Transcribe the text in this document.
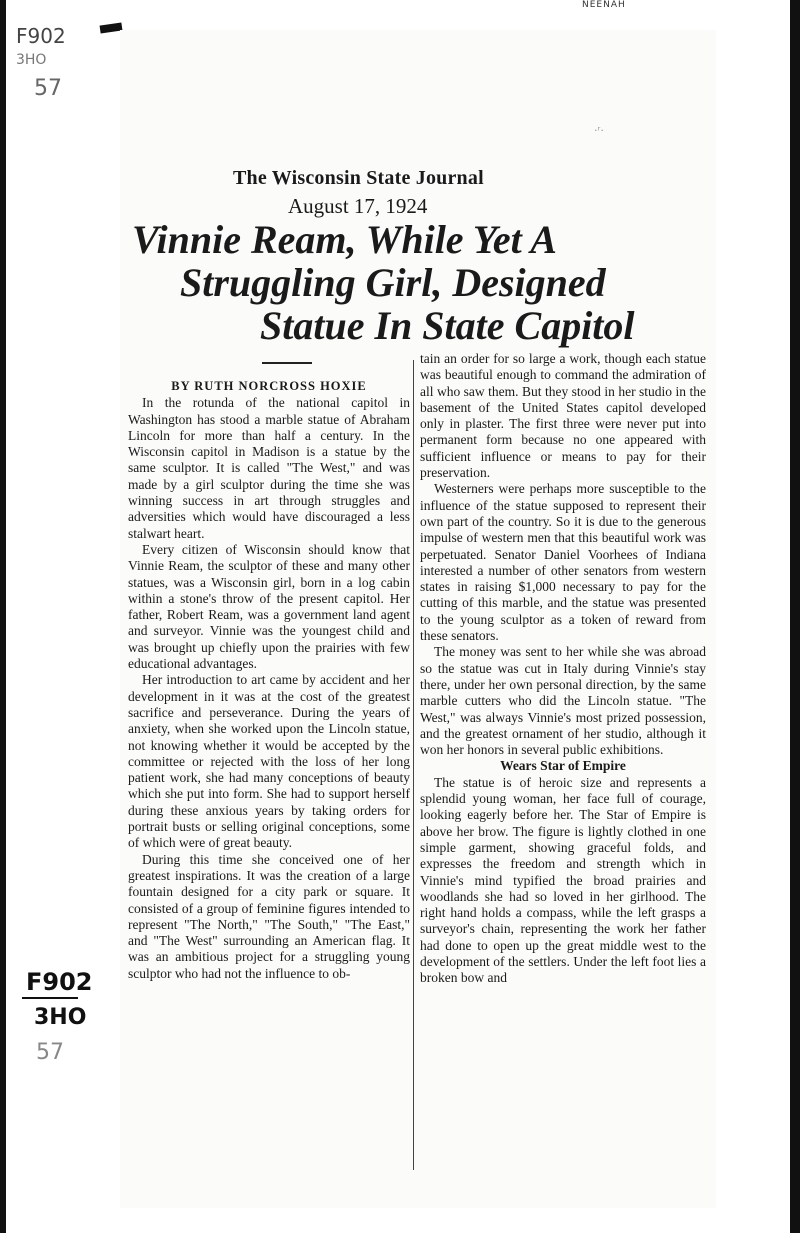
F902
3HO
57
NEENAH
·ʳ·
F902
3HO
57
The Wisconsin State Journal
August 17, 1924
Vinnie Ream, While Yet A
Struggling Girl, Designed
Statue In State Capitol

BY RUTH NORCROSS HOXIE

In the rotunda of the national capitol in Washington has stood a marble statue of Abraham Lincoln for more than half a century. In the Wisconsin capitol in Madison is a statue by the same sculptor. It is called "The West," and was made by a girl sculptor during the time she was winning success in art through struggles and adversities which would have discouraged a less stalwart heart.

Every citizen of Wisconsin should know that Vinnie Ream, the sculptor of these and many other statues, was a Wisconsin girl, born in a log cabin within a stone's throw of the present capitol. Her father, Robert Ream, was a government land agent and surveyor. Vinnie was the youngest child and was brought up chiefly upon the prairies with few educational advantages.

Her introduction to art came by accident and her development in it was at the cost of the greatest sacrifice and perseverance. During the years of anxiety, when she worked upon the Lincoln statue, not knowing whether it would be accepted by the committee or rejected with the loss of her long patient work, she had many conceptions of beauty which she put into form. She had to support herself during these anxious years by taking orders for portrait busts or selling original conceptions, some of which were of great beauty.

During this time she conceived one of her greatest inspirations. It was the creation of a large fountain designed for a city park or square. It consisted of a group of feminine figures intended to represent "The North," "The South," "The East," and "The West" surrounding an American flag. It was an ambitious project for a struggling young sculptor who had not the influence to ob-

tain an order for so large a work, though each statue was beautiful enough to command the admiration of all who saw them. But they stood in her studio in the basement of the United States capitol developed only in plaster. The first three were never put into permanent form because no one appeared with sufficient influence or means to pay for their preservation.

Westerners were perhaps more susceptible to the influence of the statue supposed to represent their own part of the country. So it is due to the generous impulse of western men that this beautiful work was perpetuated. Senator Daniel Voorhees of Indiana interested a number of other senators from western states in raising $1,000 necessary to pay for the cutting of this marble, and the statue was presented to the young sculptor as a token of reward from these senators.

The money was sent to her while she was abroad so the statue was cut in Italy during Vinnie's stay there, under her own personal direction, by the same marble cutters who did the Lincoln statue. "The West," was always Vinnie's most prized possession, and the greatest ornament of her studio, although it won her honors in several public exhibitions.

Wears Star of Empire

The statue is of heroic size and represents a splendid young woman, her face full of courage, looking eagerly before her. The Star of Empire is above her brow. The figure is lightly clothed in one simple garment, showing graceful folds, and expresses the freedom and strength which in Vinnie's mind typified the broad prairies and woodlands she had so loved in her girlhood. The right hand holds a compass, while the left grasps a surveyor's chain, representing the work her father had done to open up the great middle west to the development of the settlers. Under the left foot lies a broken bow and
